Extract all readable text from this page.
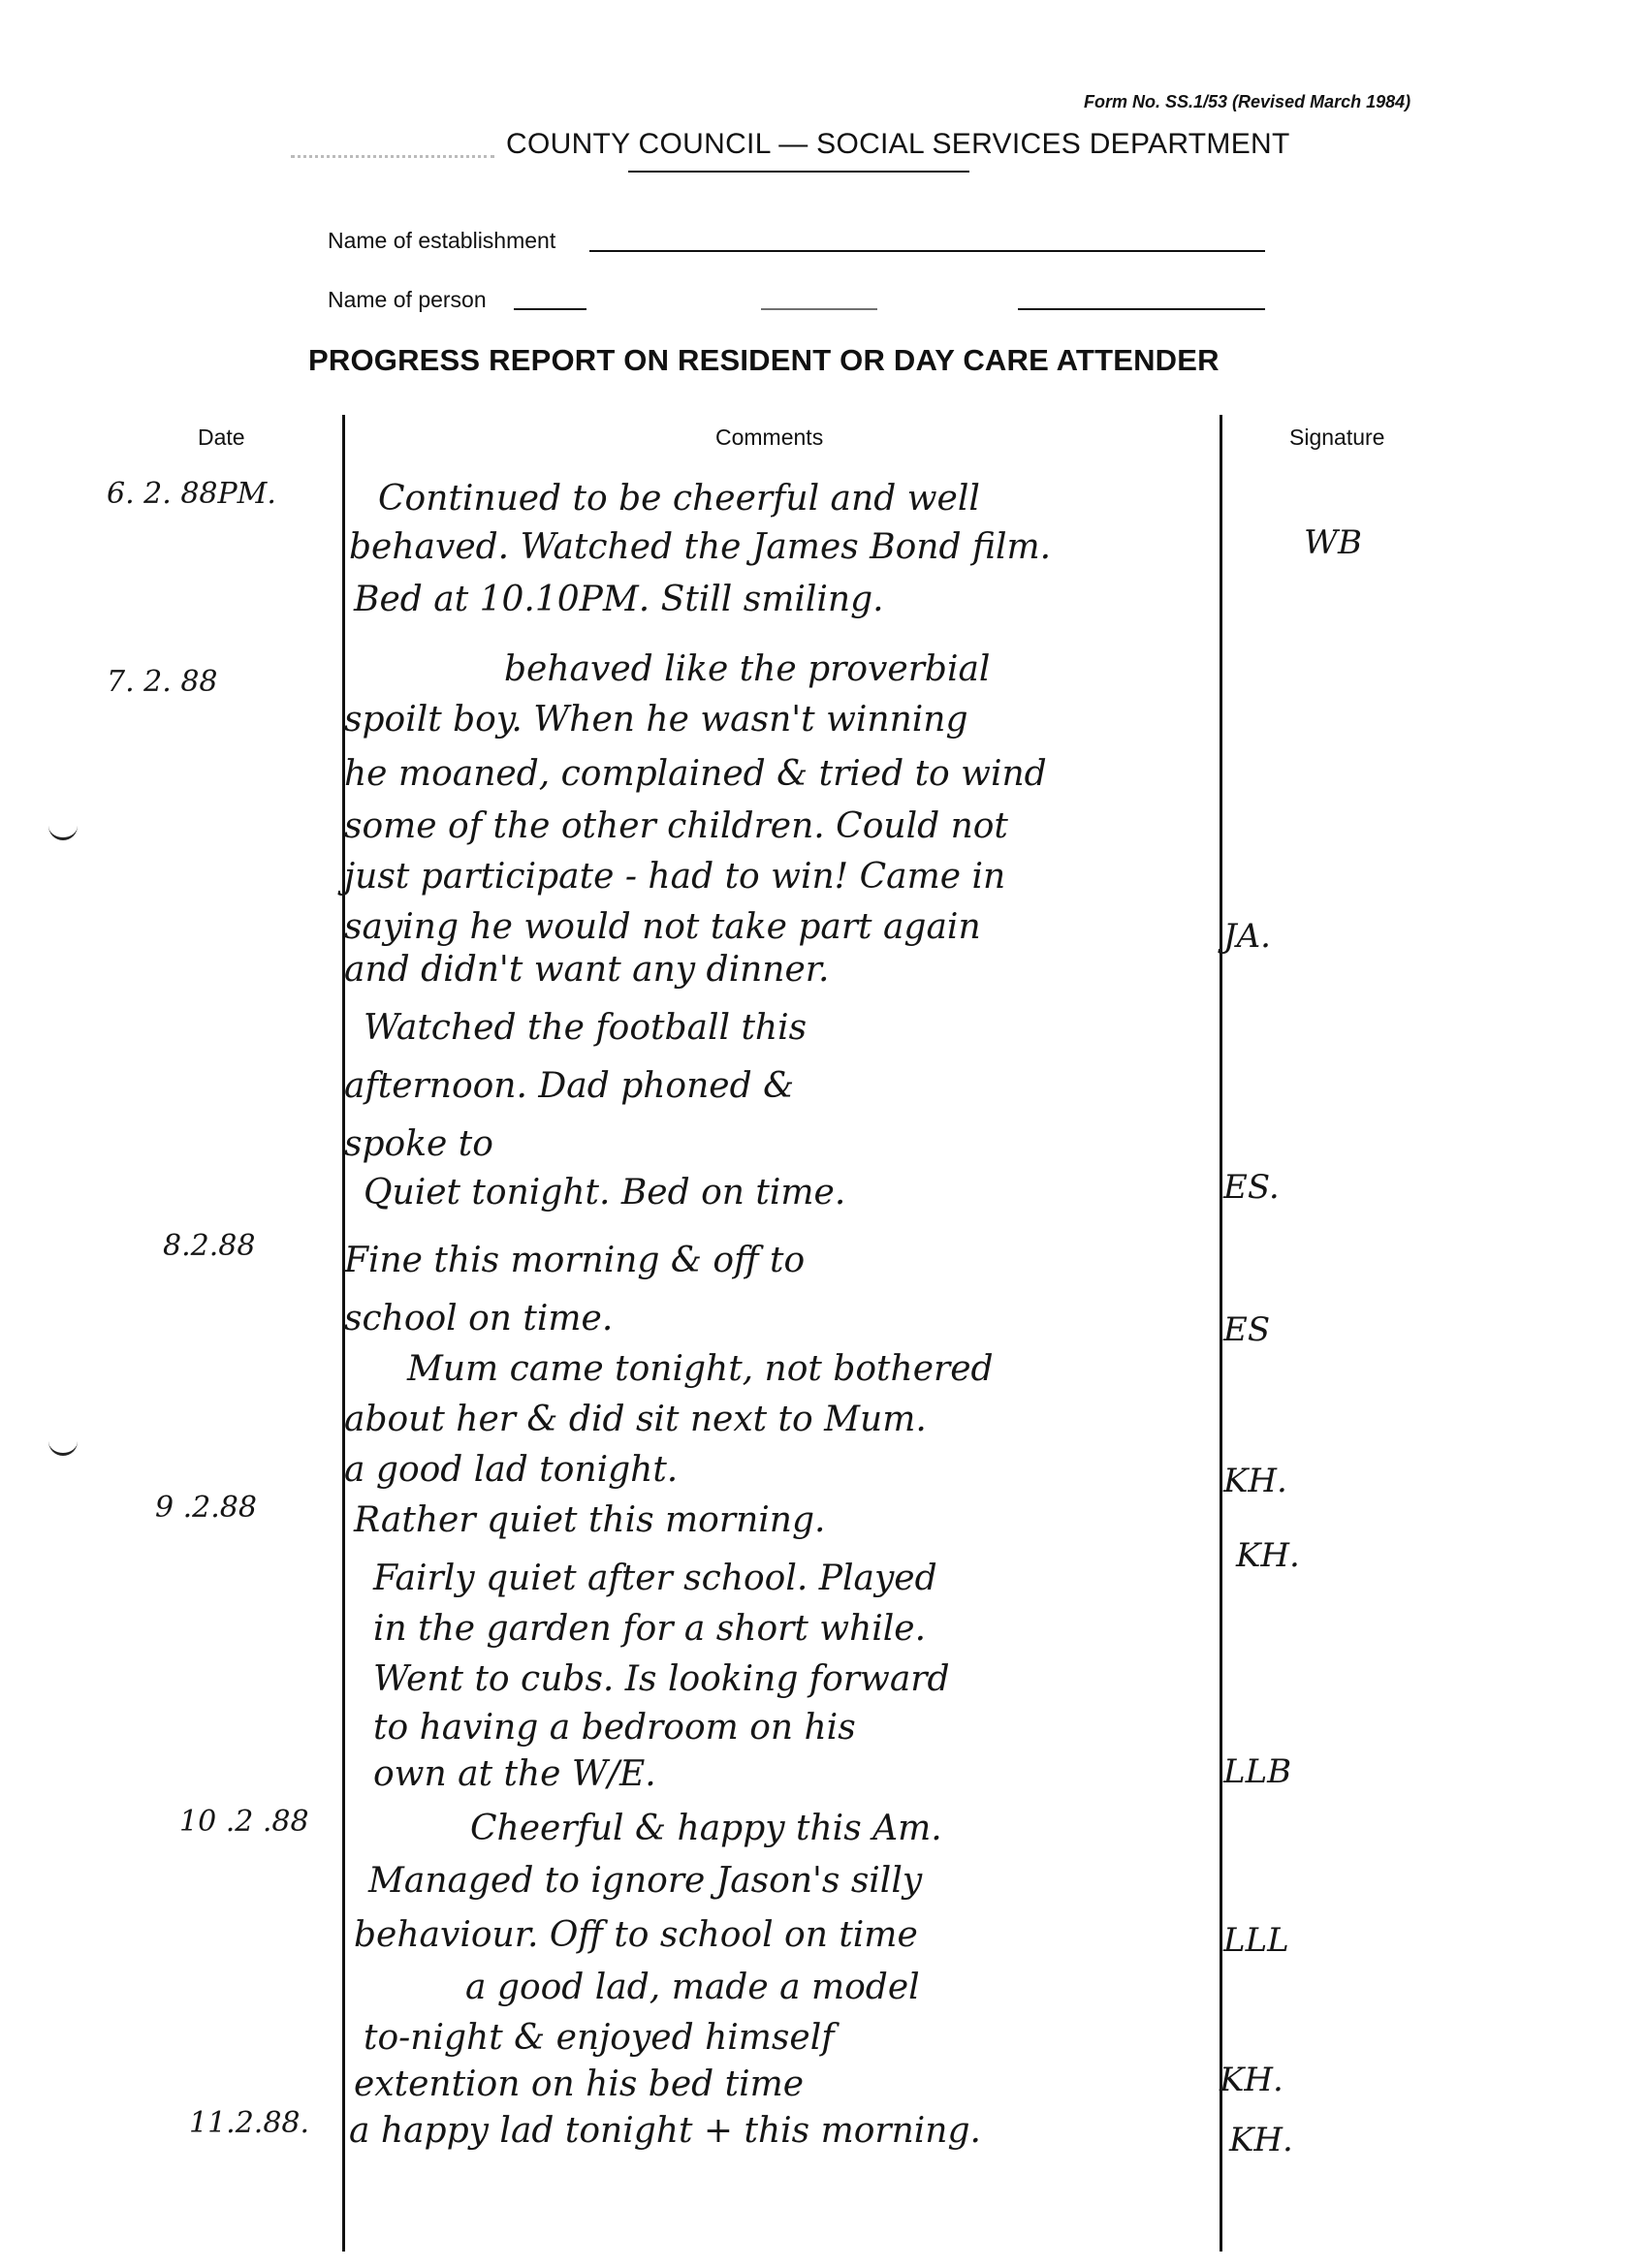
Form No. SS.1/53 (Revised March 1984)
COUNTY COUNCIL — SOCIAL SERVICES DEPARTMENT
Name of establishment
Name of person
PROGRESS REPORT ON RESIDENT OR DAY CARE ATTENDER
Date	Comments	Signature
6. 2. 88PM.
7. 2. 88
8.2.88
9 .2.88
10 .2 .88
11.2.88.
Continued to be cheerful and well
behaved. Watched the James Bond film.
Bed at 10.10PM. Still smiling.
behaved like the proverbial
spoilt boy. When he wasn't winning
he moaned, complained & tried to wind
some of the other children. Could not
just participate - had to win! Came in
saying he would not take part again
and didn't want any dinner.
Watched the football this
afternoon. Dad phoned &
spoke to
Quiet tonight. Bed on time.
Fine this morning & off to
school on time.
Mum came tonight, not bothered
about her & did sit next to Mum.
a good lad tonight.
Rather quiet this morning.
Fairly quiet after school. Played
in the garden for a short while.
Went to cubs. Is looking forward
to having a bedroom on his
own at the W/E.
Cheerful & happy this Am.
Managed to ignore Jason's silly
behaviour. Off to school on time
a good lad, made a model
to-night & enjoyed himself
extention on his bed time
a happy lad tonight + this morning.
WB
JA.
ES.
ES
KH.
KH.
LLB
LLL
KH.
KH.
